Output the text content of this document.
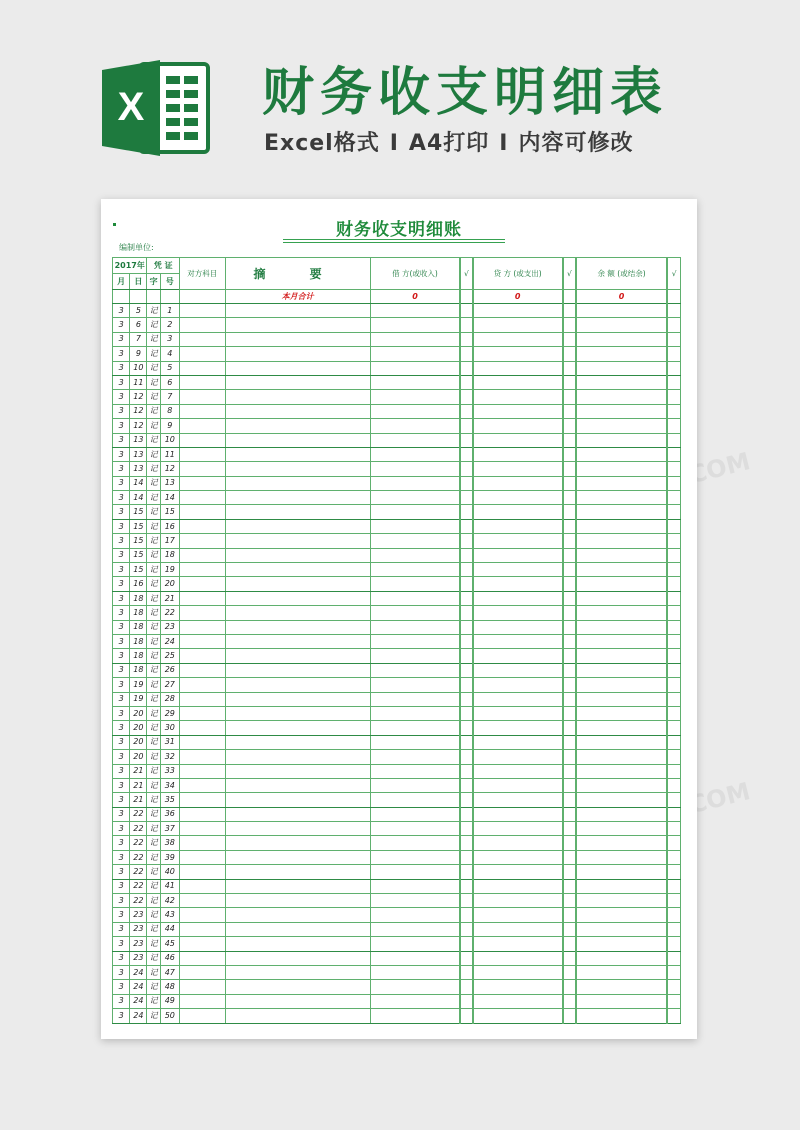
X 财务收支明细表
Excel格式 I A4打印 I 内容可修改
财务收支明细账
编制单位:
2017年		凭 证		对方科目	摘 要	借 方(或收入)	√	贷 方 (或支出)	√	余 额 (或结余)	√
月	日	字	号								
					本月合计	0		0		0	
3	5	记	1								
3	6	记	2								
3	7	记	3								
3	9	记	4								
3	10	记	5								
3	11	记	6								
3	12	记	7								
3	12	记	8								
3	12	记	9								
3	13	记	10								
3	13	记	11								
3	13	记	12								
3	14	记	13								
3	14	记	14								
3	15	记	15								
3	15	记	16								
3	15	记	17								
3	15	记	18								
3	15	记	19								
3	16	记	20								
3	18	记	21								
3	18	记	22								
3	18	记	23								
3	18	记	24								
3	18	记	25								
3	18	记	26								
3	19	记	27								
3	19	记	28								
3	20	记	29								
3	20	记	30								
3	20	记	31								
3	20	记	32								
3	21	记	33								
3	21	记	34								
3	21	记	35								
3	22	记	36								
3	22	记	37								
3	22	记	38								
3	22	记	39								
3	22	记	40								
3	22	记	41								
3	22	记	42								
3	23	记	43								
3	23	记	44								
3	23	记	45								
3	23	记	46								
3	24	记	47								
3	24	记	48								
3	24	记	49								
3	24	记	50								
